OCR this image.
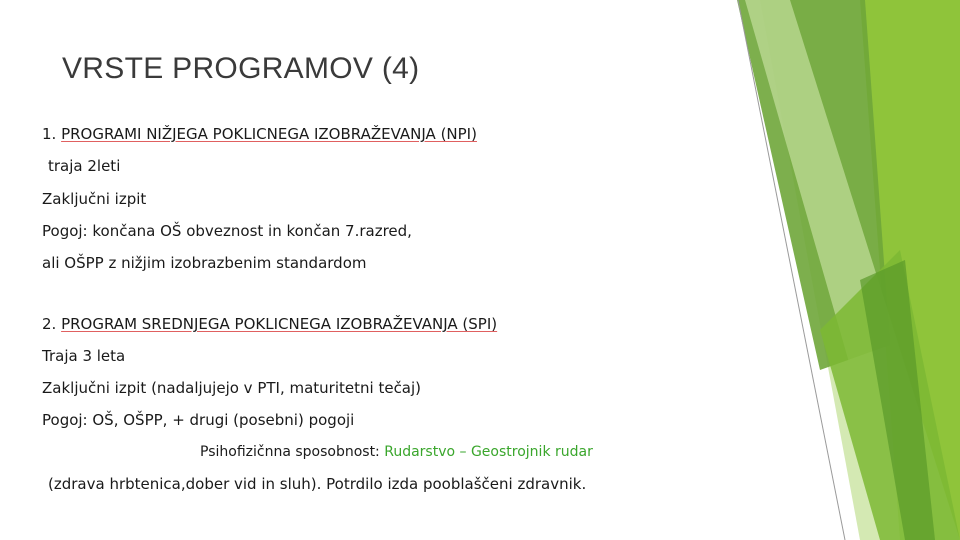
VRSTE PROGRAMOV (4)
1. PROGRAMI NIŽJEGA POKLICNEGA IZOBRAŽEVANJA (NPI)
traja 2leti
Zaključni izpit
Pogoj: končana OŠ obveznost in končan 7.razred,
ali OŠPP z nižjim izobrazbenim standardom
2. PROGRAM SREDNJEGA POKLICNEGA IZOBRAŽEVANJA (SPI)
Traja 3 leta
Zaključni izpit (nadaljujejo v PTI, maturitetni tečaj)
Pogoj: OŠ, OŠPP, + drugi (posebni) pogoji
Psihofizičnna sposobnost: Rudarstvo – Geostrojnik rudar
(zdrava hrbtenica,dober vid in sluh). Potrdilo izda pooblaščeni zdravnik.
